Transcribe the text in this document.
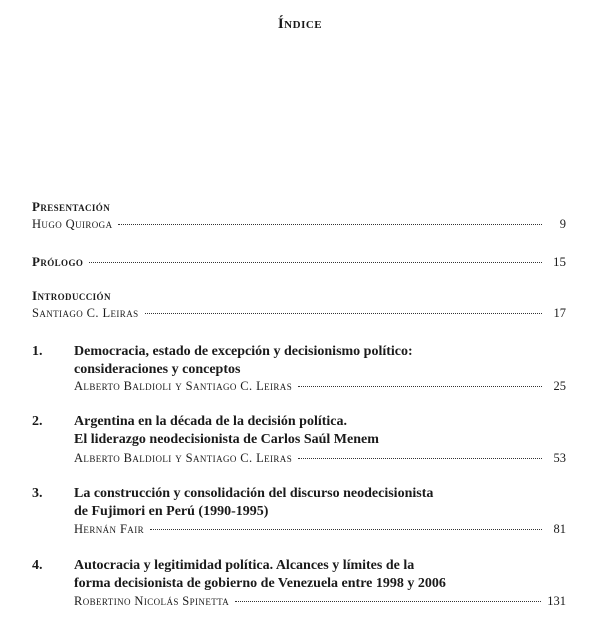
Índice
Presentación
Hugo Quiroga	9
Prólogo	15
Introducción
Santiago C. Leiras	17
1. Democracia, estado de excepción y decisionismo político:
consideraciones y conceptos
Alberto Baldioli y Santiago C. Leiras	25
2. Argentina en la década de la decisión política.
El liderazgo neodecisionista de Carlos Saúl Menem
Alberto Baldioli y Santiago C. Leiras	53
3. La construcción y consolidación del discurso neodecisionista
de Fujimori en Perú (1990-1995)
Hernán Fair	81
4. Autocracia y legitimidad política. Alcances y límites de la
forma decisionista de gobierno de Venezuela entre 1998 y 2006
Robertino Nicolás Spinetta	131
